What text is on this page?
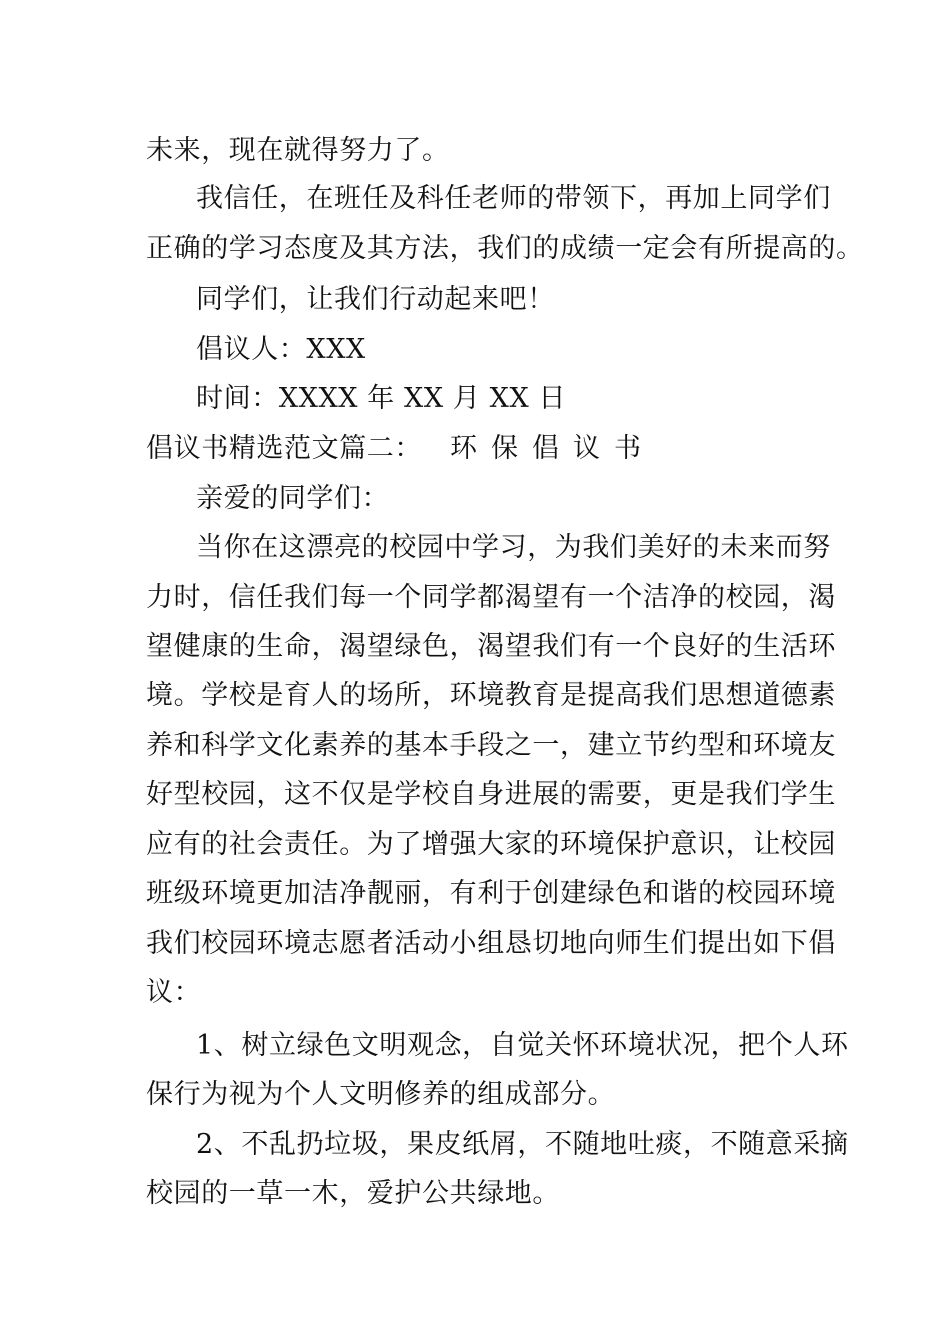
未来，现在就得努力了。
我信任，在班任及科任老师的带领下，再加上同学们
正确的学习态度及其方法，我们的成绩一定会有所提高的。
同学们，让我们行动起来吧！
倡议人：XXX
时间：XXXX 年 XX 月 XX 日
倡议书精选范文篇二： 环保倡议书
亲爱的同学们：
当你在这漂亮的校园中学习，为我们美好的未来而努
力时，信任我们每一个同学都渴望有一个洁净的校园，渴
望健康的生命，渴望绿色，渴望我们有一个良好的生活环
境。学校是育人的场所，环境教育是提高我们思想道德素
养和科学文化素养的基本手段之一，建立节约型和环境友
好型校园，这不仅是学校自身进展的需要，更是我们学生
应有的社会责任。为了增强大家的环境保护意识，让校园
班级环境更加洁净靓丽，有利于创建绿色和谐的校园环境
我们校园环境志愿者活动小组恳切地向师生们提出如下倡
议：
1、树立绿色文明观念，自觉关怀环境状况，把个人环
保行为视为个人文明修养的组成部分。
2、不乱扔垃圾，果皮纸屑，不随地吐痰，不随意采摘
校园的一草一木，爱护公共绿地。
